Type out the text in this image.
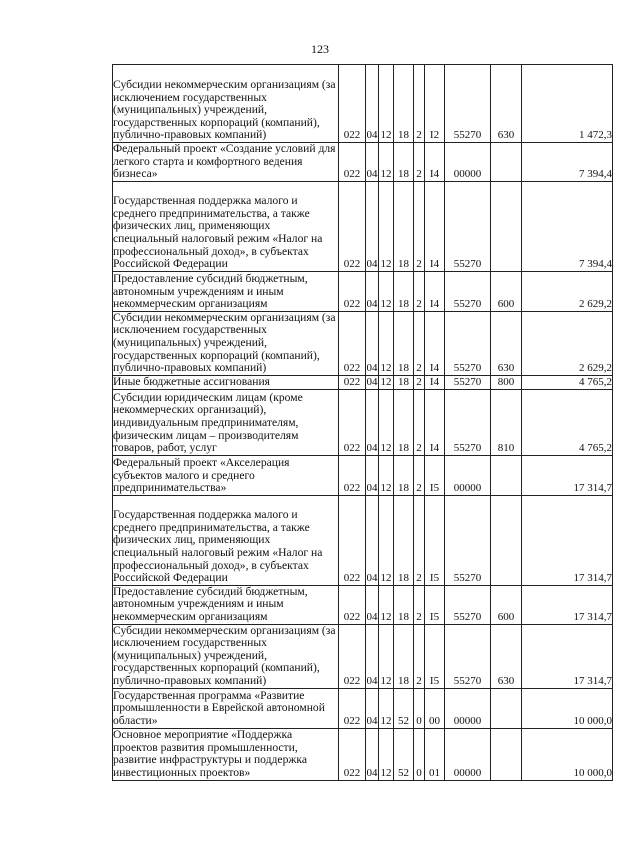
123
Субсидии некоммерческим организациям (за исключением государственных (муниципальных) учреждений, государственных корпораций (компаний), публично-правовых компаний)	022	04	12	18	2	I2	55270	630	1 472,3
Федеральный проект «Создание условий для легкого старта и комфортного ведения бизнеса»	022	04	12	18	2	I4	00000		7 394,4
Государственная поддержка малого и среднего предпринимательства, а также физических лиц, применяющих специальный налоговый режим «Налог на профессиональный доход», в субъектах Российской Федерации	022	04	12	18	2	I4	55270		7 394,4
Предоставление субсидий бюджетным, автономным учреждениям и иным некоммерческим организациям	022	04	12	18	2	I4	55270	600	2 629,2
Субсидии некоммерческим организациям (за исключением государственных (муниципальных) учреждений, государственных корпораций (компаний), публично-правовых компаний)	022	04	12	18	2	I4	55270	630	2 629,2
Иные бюджетные ассигнования	022	04	12	18	2	I4	55270	800	4 765,2
Субсидии юридическим лицам (кроме некоммерческих организаций), индивидуальным предпринимателям, физическим лицам – производителям товаров, работ, услуг	022	04	12	18	2	I4	55270	810	4 765,2
Федеральный проект «Акселерация субъектов малого и среднего предпринимательства»	022	04	12	18	2	I5	00000		17 314,7
Государственная поддержка малого и среднего предпринимательства, а также физических лиц, применяющих специальный налоговый режим «Налог на профессиональный доход», в субъектах Российской Федерации	022	04	12	18	2	I5	55270		17 314,7
Предоставление субсидий бюджетным, автономным учреждениям и иным некоммерческим организациям	022	04	12	18	2	I5	55270	600	17 314,7
Субсидии некоммерческим организациям (за исключением государственных (муниципальных) учреждений, государственных корпораций (компаний), публично-правовых компаний)	022	04	12	18	2	I5	55270	630	17 314,7
Государственная программа «Развитие промышленности в Еврейской автономной области»	022	04	12	52	0	00	00000		10 000,0
Основное мероприятие «Поддержка проектов развития промышленности, развитие инфраструктуры и поддержка инвестиционных проектов»	022	04	12	52	0	01	00000		10 000,0
